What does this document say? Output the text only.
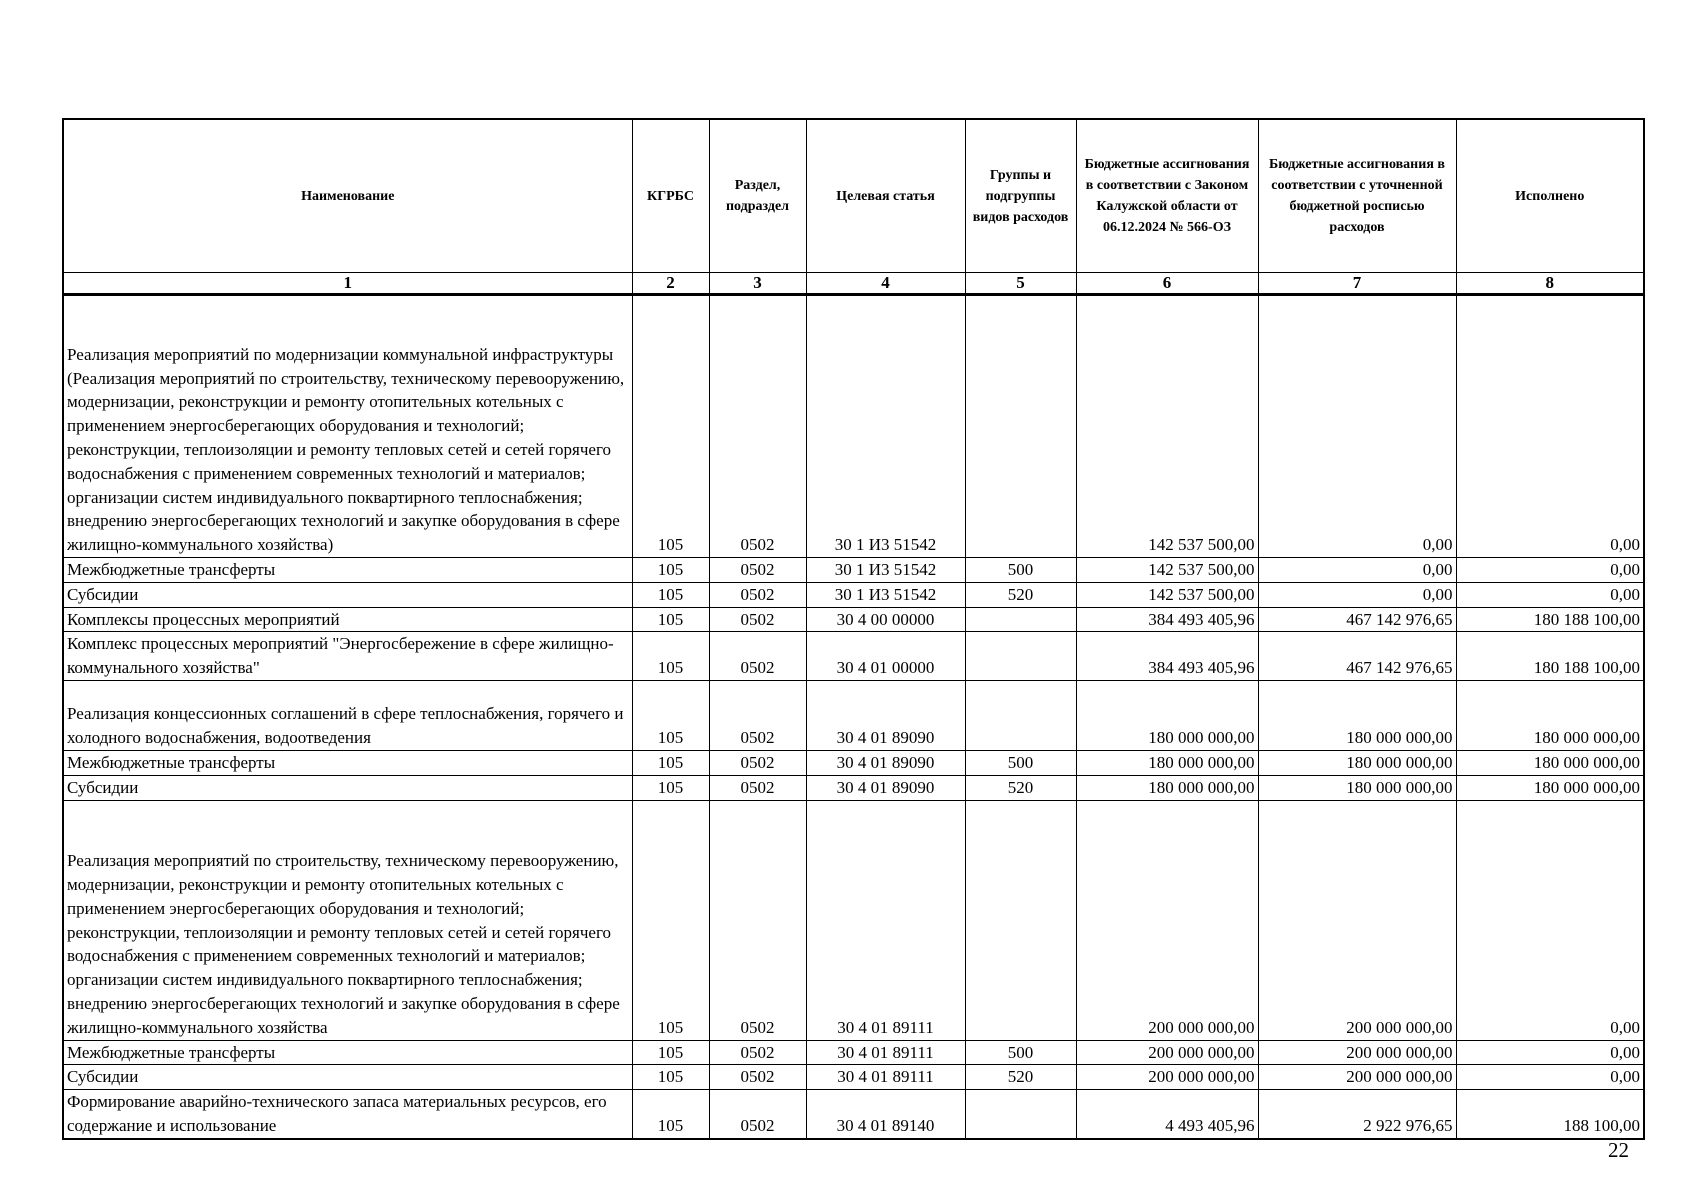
Наименование	КГРБС	Раздел, подраздел	Целевая статья	Группы и подгруппы видов расходов	Бюджетные ассигнования в соответствии с Законом Калужской области от 06.12.2024 № 566-ОЗ	Бюджетные ассигнования в соответствии с уточненной бюджетной росписью расходов	Исполнено
1	2	3	4	5	6	7	8
Реализация мероприятий по модернизации коммунальной инфраструктуры (Реализация мероприятий по строительству, техническому перевооружению, модернизации, реконструкции и ремонту отопительных котельных с применением энергосберегающих оборудования и технологий; реконструкции, теплоизоляции и ремонту тепловых сетей и сетей горячего водоснабжения с применением современных технологий и материалов; организации систем индивидуального поквартирного теплоснабжения; внедрению энергосберегающих технологий и закупке оборудования в сфере жилищно-коммунального хозяйства)	105	0502	30 1 И3 51542		142 537 500,00	0,00	0,00
Межбюджетные трансферты	105	0502	30 1 И3 51542	500	142 537 500,00	0,00	0,00
Субсидии	105	0502	30 1 И3 51542	520	142 537 500,00	0,00	0,00
Комплексы процессных мероприятий	105	0502	30 4 00 00000		384 493 405,96	467 142 976,65	180 188 100,00
Комплекс процессных мероприятий "Энергосбережение в сфере жилищно-коммунального хозяйства"	105	0502	30 4 01 00000		384 493 405,96	467 142 976,65	180 188 100,00
Реализация концессионных соглашений в сфере теплоснабжения, горячего и холодного водоснабжения, водоотведения	105	0502	30 4 01 89090		180 000 000,00	180 000 000,00	180 000 000,00
Межбюджетные трансферты	105	0502	30 4 01 89090	500	180 000 000,00	180 000 000,00	180 000 000,00
Субсидии	105	0502	30 4 01 89090	520	180 000 000,00	180 000 000,00	180 000 000,00
Реализация мероприятий по строительству, техническому перевооружению, модернизации, реконструкции и ремонту отопительных котельных с применением энергосберегающих оборудования и технологий; реконструкции, теплоизоляции и ремонту тепловых сетей и сетей горячего водоснабжения с применением современных технологий и материалов; организации систем индивидуального поквартирного теплоснабжения; внедрению энергосберегающих технологий и закупке оборудования в сфере жилищно-коммунального хозяйства	105	0502	30 4 01 89111		200 000 000,00	200 000 000,00	0,00
Межбюджетные трансферты	105	0502	30 4 01 89111	500	200 000 000,00	200 000 000,00	0,00
Субсидии	105	0502	30 4 01 89111	520	200 000 000,00	200 000 000,00	0,00
Формирование аварийно-технического запаса материальных ресурсов, его содержание и использование	105	0502	30 4 01 89140		4 493 405,96	2 922 976,65	188 100,00
22
